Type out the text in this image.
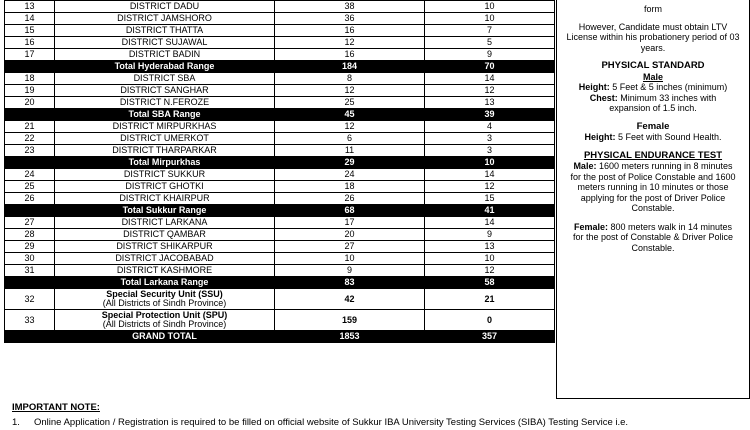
13	DISTRICT DADU	38	10
14	DISTRICT JAMSHORO	36	10
15	DISTRICT THATTA	16	7
16	DISTRICT SUJAWAL	12	5
17	DISTRICT BADIN	16	9
	Total Hyderabad Range	184	70
18	DISTRICT SBA	8	14
19	DISTRICT SANGHAR	12	12
20	DISTRICT N.FEROZE	25	13
	Total SBA Range	45	39
21	DISTRICT MIRPURKHAS	12	4
22	DISTRICT UMERKOT	6	3
23	DISTRICT THARPARKAR	11	3
	Total Mirpurkhas	29	10
24	DISTRICT SUKKUR	24	14
25	DISTRICT GHOTKI	18	12
26	DISTRICT KHAIRPUR	26	15
	Total Sukkur Range	68	41
27	DISTRICT LARKANA	17	14
28	DISTRICT QAMBAR	20	9
29	DISTRICT SHIKARPUR	27	13
30	DISTRICT JACOBABAD	10	10
31	DISTRICT KASHMORE	9	12
	Total Larkana Range	83	58
32	Special Security Unit (SSU)
(All Districts of Sindh Province)	42	21
33	Special Protection Unit (SPU)
(All Districts of Sindh Province)	159	0
	GRAND TOTAL	1853	357

form

However, Candidate must obtain LTV License within his probationery period of 03 years.

PHYSICAL STANDARD

Male

Height: 5 Feet & 5 inches (minimum)

Chest: Minimum 33 inches with expansion of 1.5 inch.

Female

Height: 5 Feet with Sound Health.

PHYSICAL ENDURANCE TEST

Male: 1600 meters running in 8 minutes for the post of Police Constable and 1600 meters running in 10 minutes or those applying for the post of Driver Police Constable.

Female: 800 meters walk in 14 minutes for the post of Constable & Driver Police Constable.

IMPORTANT NOTE:
1. Online Application / Registration is required to be filled on official website of Sukkur IBA University Testing Services (SIBA) Testing Service i.e.
